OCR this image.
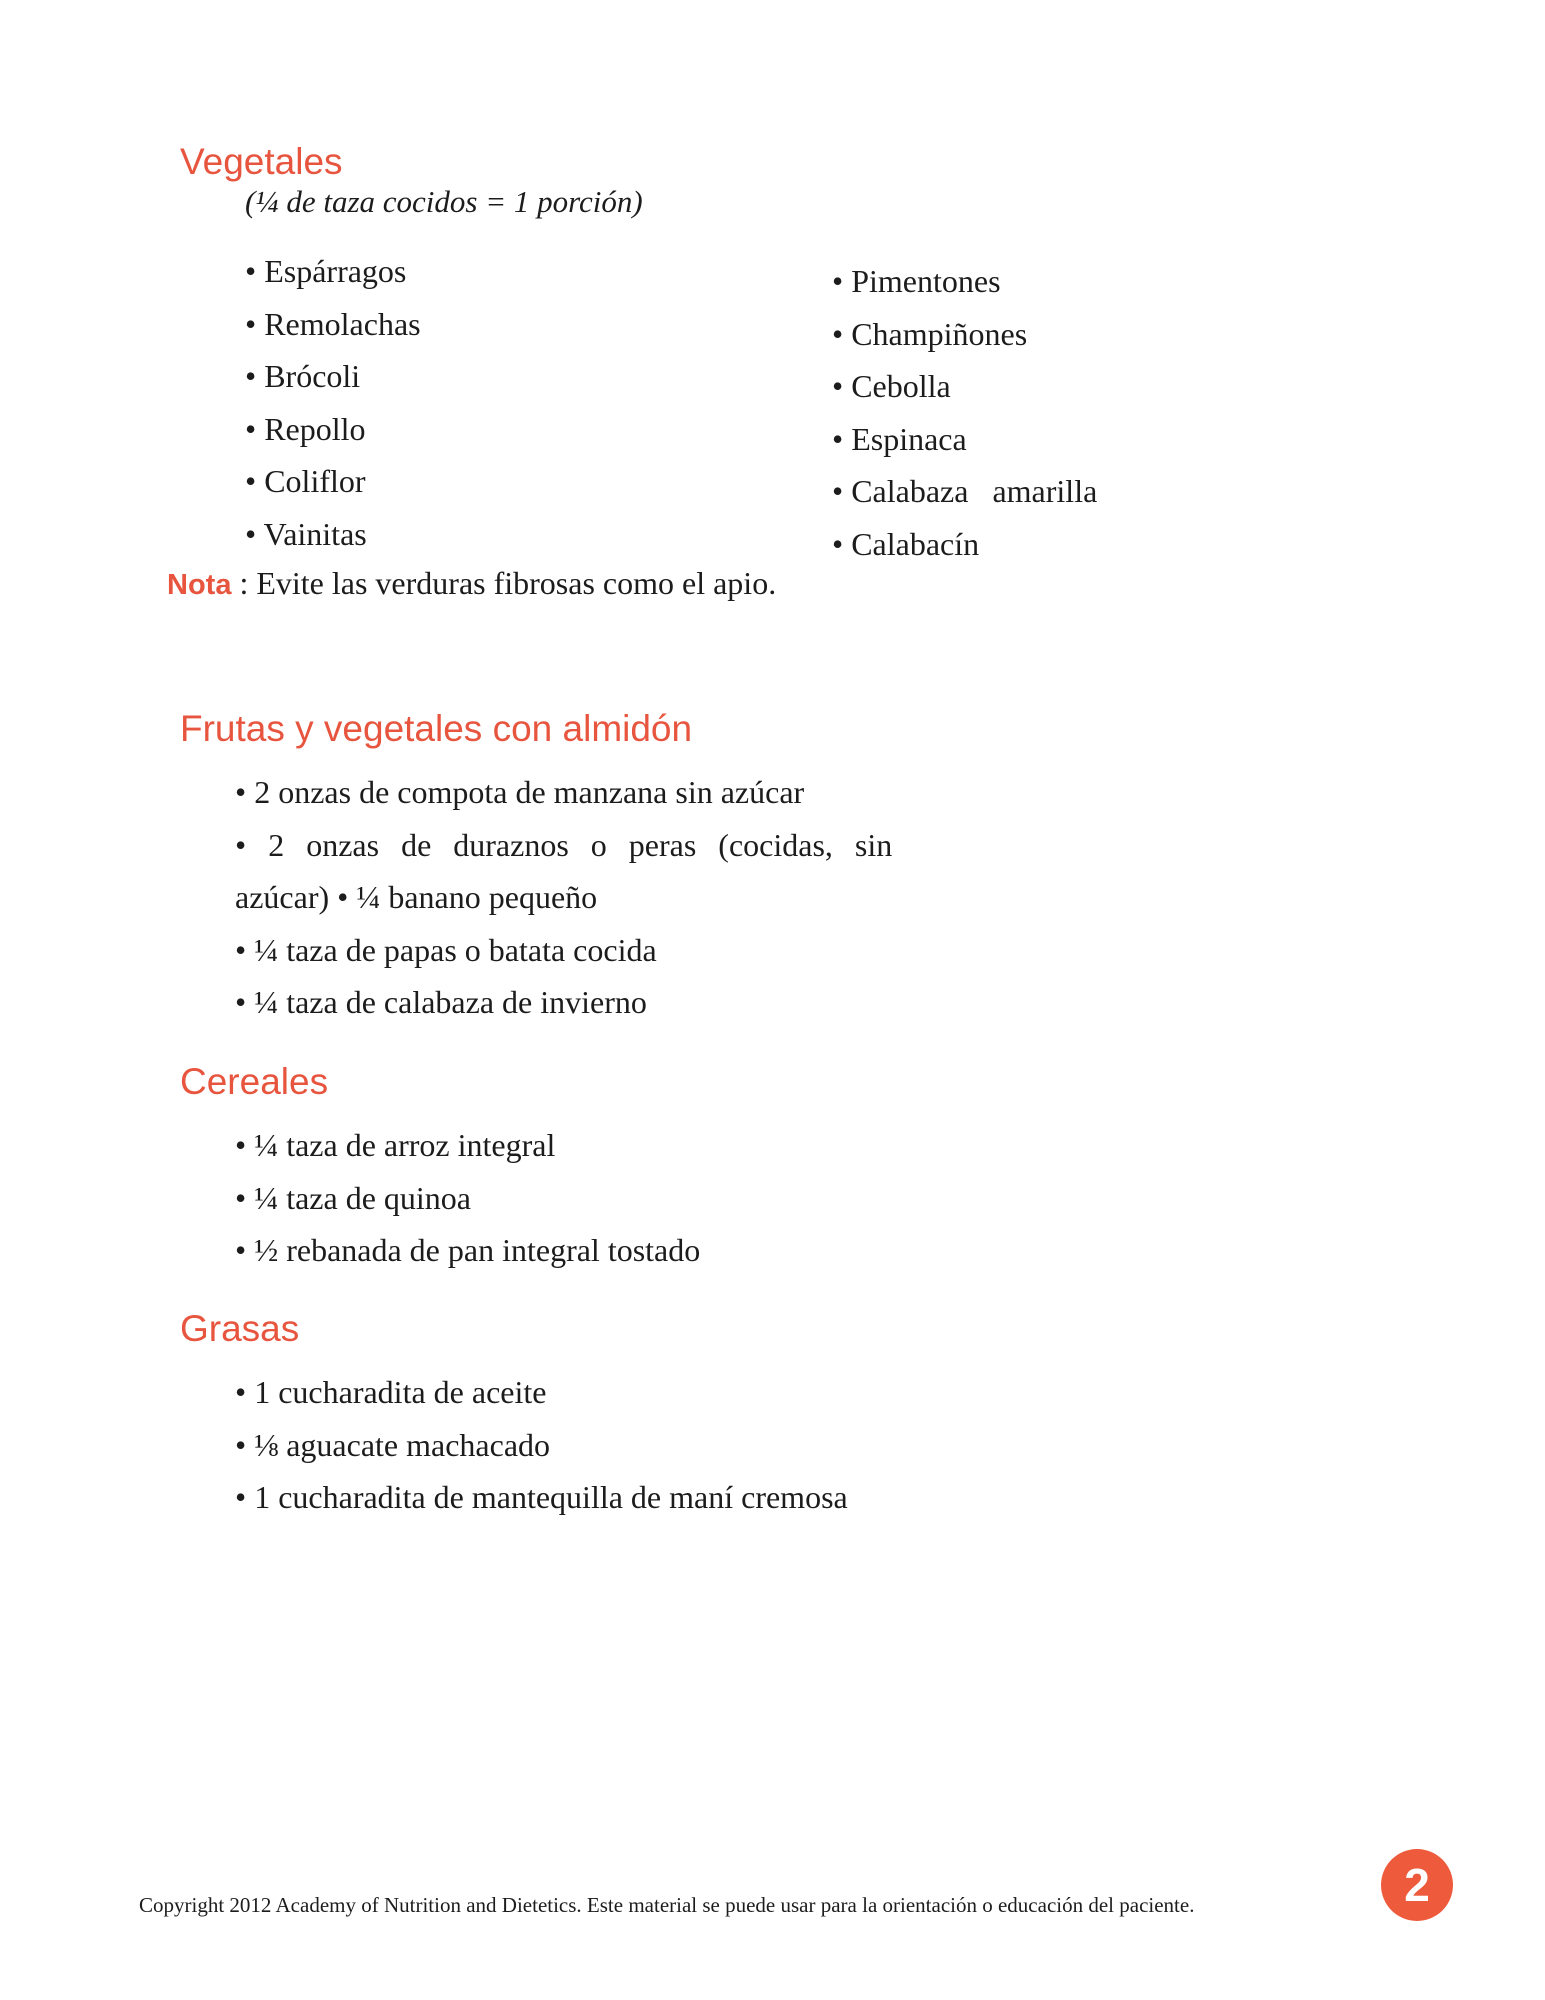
Vegetales

(¼ de taza cocidos = 1 porción)

• Espárragos
• Remolachas
• Brócoli
• Repollo
• Coliflor
• Vainitas
• Pimentones
• Champiñones
• Cebolla
• Espinaca
• Calabaza   amarilla
• Calabacín

Nota : Evite las verduras fibrosas como el apio.

Frutas y vegetales con almidón
• 2 onzas de compota de manzana sin azúcar
• 2 onzas de duraznos o peras (cocidas, sin
azúcar) • ¼ banano pequeño
• ¼ taza de papas o batata cocida
• ¼ taza de calabaza de invierno
Cereales
• ¼ taza de arroz integral
• ¼ taza de quinoa
• ½ rebanada de pan integral tostado
Grasas
• 1 cucharadita de aceite
• ⅛ aguacate machacado
• 1 cucharadita de mantequilla de maní cremosa

Copyright 2012 Academy of Nutrition and Dietetics. Este material se puede usar para la orientación o educación del paciente.	2
